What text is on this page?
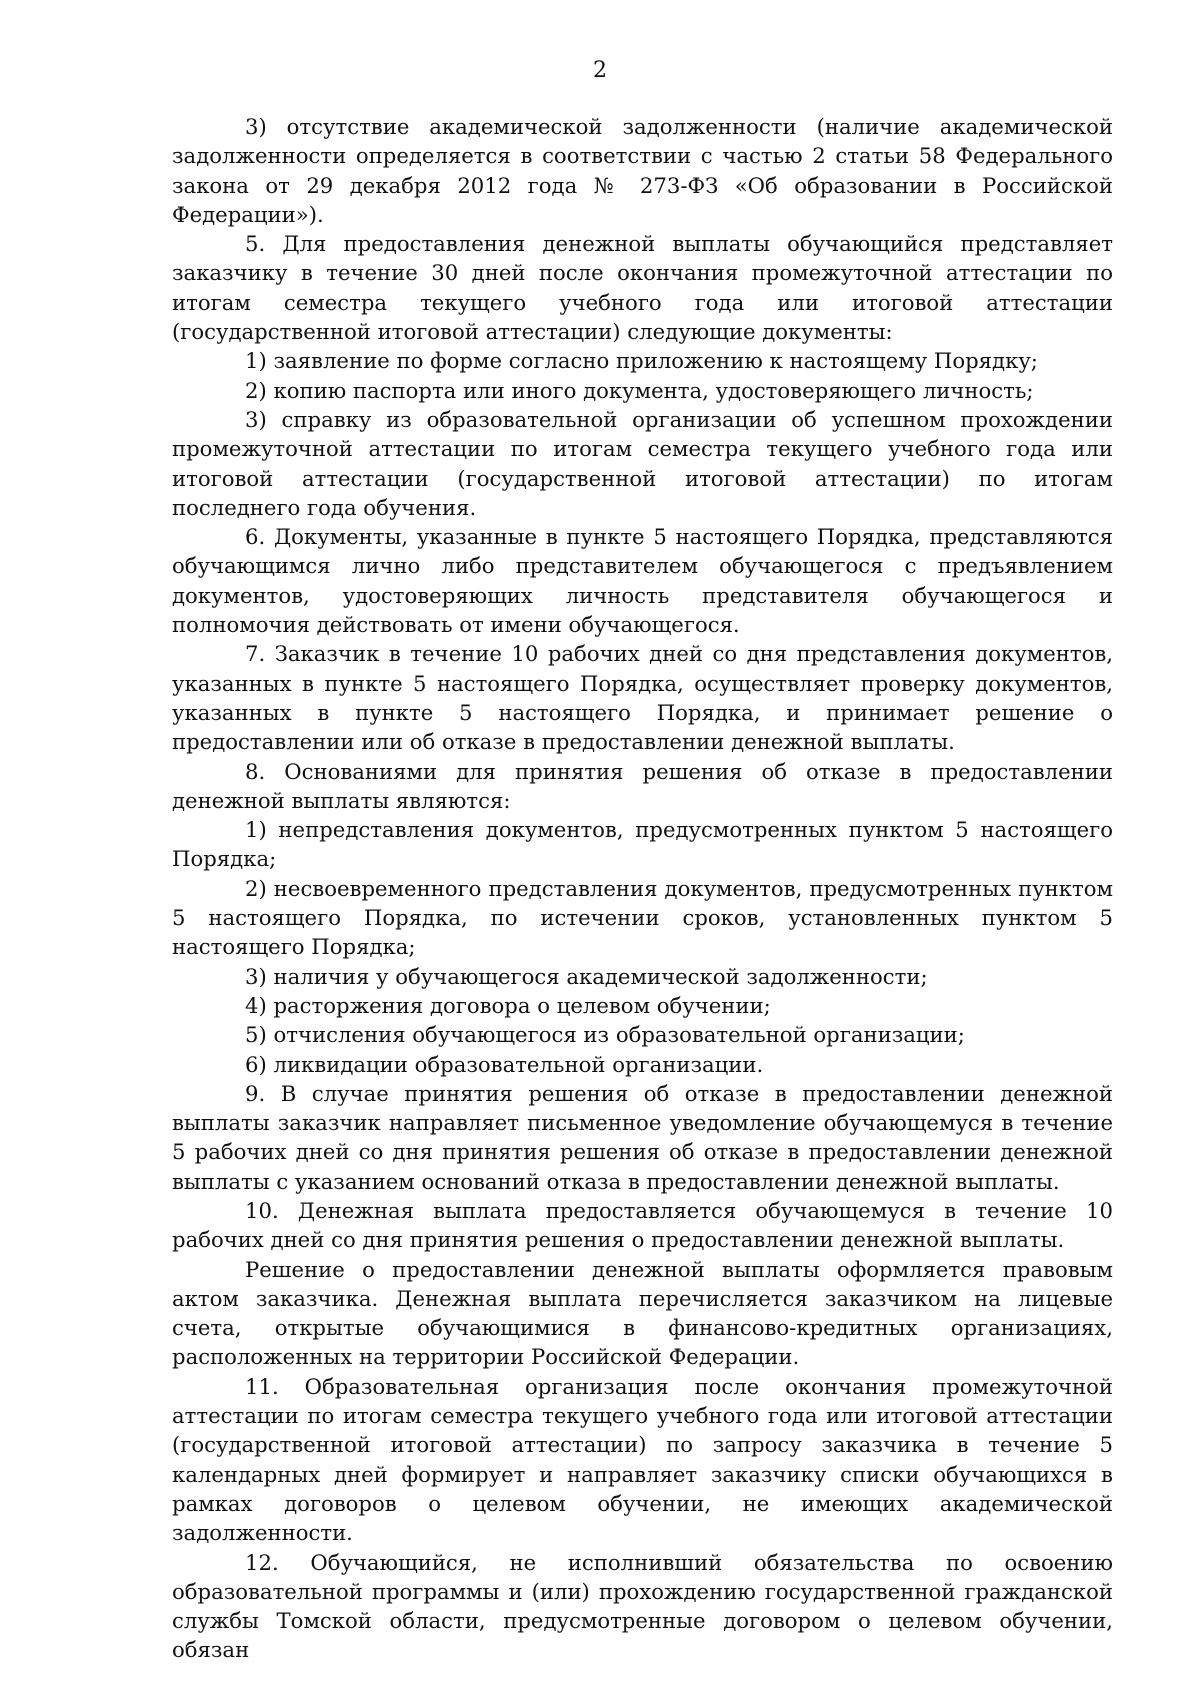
2

3) отсутствие академической задолженности (наличие академической задолженности определяется в соответствии с частью 2 статьи 58 Федерального закона от 29 декабря 2012 года № 273-ФЗ «Об образовании в Российской Федерации»).

5. Для предоставления денежной выплаты обучающийся представляет заказчику в течение 30 дней после окончания промежуточной аттестации по итогам семестра текущего учебного года или итоговой аттестации (государственной итоговой аттестации) следующие документы:

1) заявление по форме согласно приложению к настоящему Порядку;

2) копию паспорта или иного документа, удостоверяющего личность;

3) справку из образовательной организации об успешном прохождении промежуточной аттестации по итогам семестра текущего учебного года или итоговой аттестации (государственной итоговой аттестации) по итогам последнего года обучения.

6. Документы, указанные в пункте 5 настоящего Порядка, представляются обучающимся лично либо представителем обучающегося с предъявлением документов, удостоверяющих личность представителя обучающегося и полномочия действовать от имени обучающегося.

7. Заказчик в течение 10 рабочих дней со дня представления документов, указанных в пункте 5 настоящего Порядка, осуществляет проверку документов, указанных в пункте 5 настоящего Порядка, и принимает решение о предоставлении или об отказе в предоставлении денежной выплаты.

8. Основаниями для принятия решения об отказе в предоставлении денежной выплаты являются:

1) непредставления документов, предусмотренных пунктом 5 настоящего Порядка;

2) несвоевременного представления документов, предусмотренных пунктом 5 настоящего Порядка, по истечении сроков, установленных пунктом 5 настоящего Порядка;

3) наличия у обучающегося академической задолженности;

4) расторжения договора о целевом обучении;

5) отчисления обучающегося из образовательной организации;

6) ликвидации образовательной организации.

9. В случае принятия решения об отказе в предоставлении денежной выплаты заказчик направляет письменное уведомление обучающемуся в течение 5 рабочих дней со дня принятия решения об отказе в предоставлении денежной выплаты с указанием оснований отказа в предоставлении денежной выплаты.

10. Денежная выплата предоставляется обучающемуся в течение 10 рабочих дней со дня принятия решения о предоставлении денежной выплаты.

Решение о предоставлении денежной выплаты оформляется правовым актом заказчика. Денежная выплата перечисляется заказчиком на лицевые счета, открытые обучающимися в финансово-кредитных организациях, расположенных на территории Российской Федерации.

11. Образовательная организация после окончания промежуточной аттестации по итогам семестра текущего учебного года или итоговой аттестации (государственной итоговой аттестации) по запросу заказчика в течение 5 календарных дней формирует и направляет заказчику списки обучающихся в рамках договоров о целевом обучении, не имеющих академической задолженности.

12. Обучающийся, не исполнивший обязательства по освоению образовательной программы и (или) прохождению государственной гражданской службы Томской области, предусмотренные договором о целевом обучении, обязан
